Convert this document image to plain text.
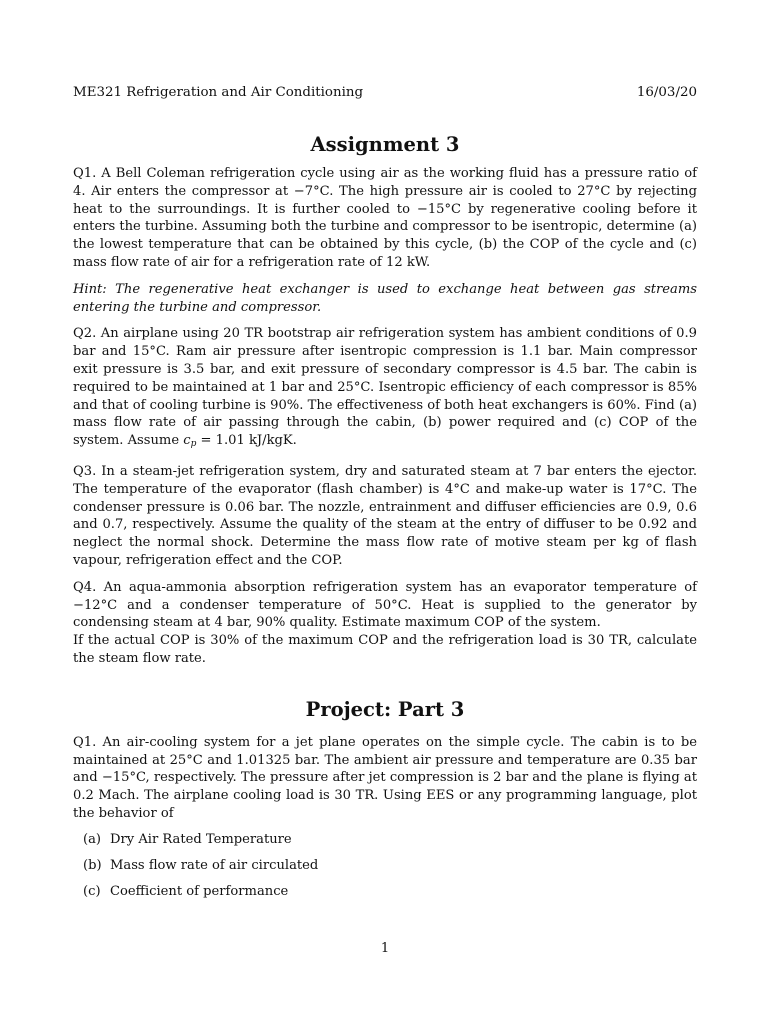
ME321 Refrigeration and Air Conditioning	16/03/20
Assignment 3

Q1. A Bell Coleman refrigeration cycle using air as the working fluid has a pressure ratio of 4. Air enters the compressor at −7°C. The high pressure air is cooled to 27°C by rejecting heat to the surroundings. It is further cooled to −15°C by regenerative cooling before it enters the turbine. Assuming both the turbine and compressor to be isentropic, determine (a) the lowest temperature that can be obtained by this cycle, (b) the COP of the cycle and (c) mass flow rate of air for a refrigeration rate of 12 kW.

Hint: The regenerative heat exchanger is used to exchange heat between gas streams entering the turbine and compressor.

Q2. An airplane using 20 TR bootstrap air refrigeration system has ambient conditions of 0.9 bar and 15°C. Ram air pressure after isentropic compression is 1.1 bar. Main compressor exit pressure is 3.5 bar, and exit pressure of secondary compressor is 4.5 bar. The cabin is required to be maintained at 1 bar and 25°C. Isentropic efficiency of each compressor is 85% and that of cooling turbine is 90%. The effectiveness of both heat exchangers is 60%. Find (a) mass flow rate of air passing through the cabin, (b) power required and (c) COP of the system. Assume $c_p = 1.01$ kJ/kgK.

Q3. In a steam-jet refrigeration system, dry and saturated steam at 7 bar enters the ejector. The temperature of the evaporator (flash chamber) is 4°C and make-up water is 17°C. The condenser pressure is 0.06 bar. The nozzle, entrainment and diffuser efficiencies are 0.9, 0.6 and 0.7, respectively. Assume the quality of the steam at the entry of diffuser to be 0.92 and neglect the normal shock. Determine the mass flow rate of motive steam per kg of flash vapour, refrigeration effect and the COP.

Q4. An aqua-ammonia absorption refrigeration system has an evaporator temperature of −12°C and a condenser temperature of 50°C. Heat is supplied to the generator by condensing steam at 4 bar, 90% quality. Estimate maximum COP of the system.

If the actual COP is 30% of the maximum COP and the refrigeration load is 30 TR, calculate the steam flow rate.

Project: Part 3

Q1. An air-cooling system for a jet plane operates on the simple cycle. The cabin is to be maintained at 25°C and 1.01325 bar. The ambient air pressure and temperature are 0.35 bar and −15°C, respectively. The pressure after jet compression is 2 bar and the plane is flying at 0.2 Mach. The airplane cooling load is 30 TR. Using EES or any programming language, plot the behavior of

(a) Dry Air Rated Temperature
(b) Mass flow rate of air circulated
(c) Coefficient of performance
1
